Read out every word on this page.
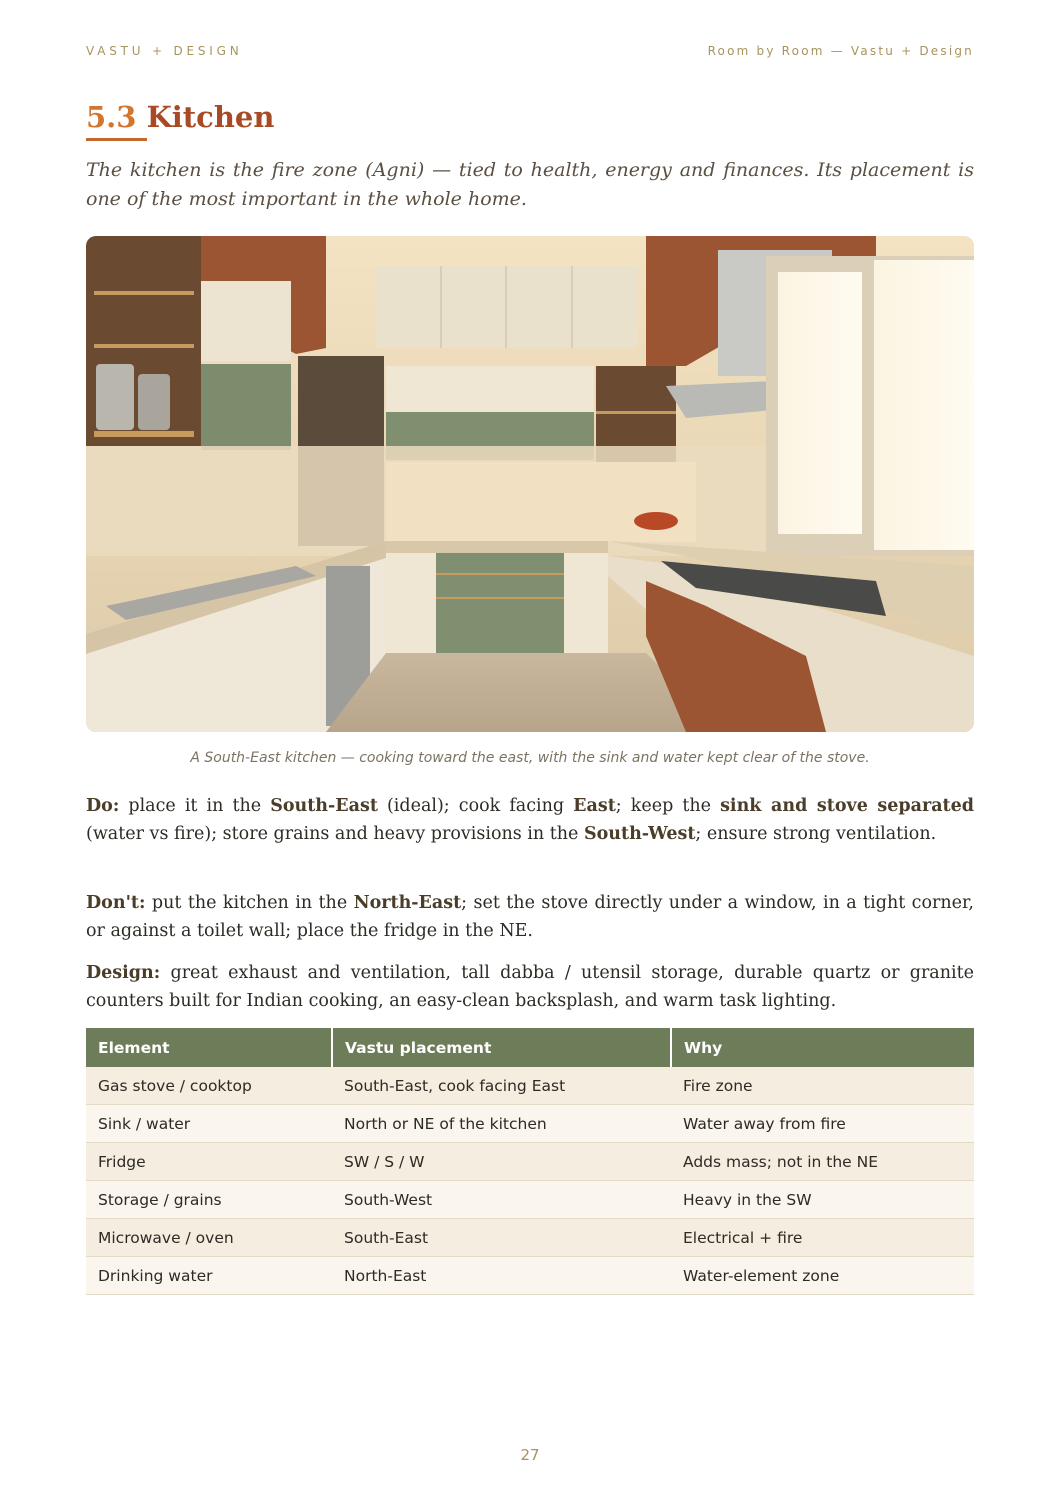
VASTU + DESIGN	Room by Room — Vastu + Design
5.3 Kitchen

The kitchen is the fire zone (Agni) — tied to health, energy and finances. Its placement is one of the most important in the whole home.

A South-East kitchen — cooking toward the east, with the sink and water kept clear of the stove.

Do: place it in the South-East (ideal); cook facing East; keep the sink and stove separated (water vs fire); store grains and heavy provisions in the South-West; ensure strong ventilation.

Don't: put the kitchen in the North-East; set the stove directly under a window, in a tight corner, or against a toilet wall; place the fridge in the NE.

Design: great exhaust and ventilation, tall dabba / utensil storage, durable quartz or granite counters built for Indian cooking, an easy-clean backsplash, and warm task lighting.

Element	Vastu placement	Why
Gas stove / cooktop	South-East, cook facing East	Fire zone
Sink / water	North or NE of the kitchen	Water away from fire
Fridge	SW / S / W	Adds mass; not in the NE
Storage / grains	South-West	Heavy in the SW
Microwave / oven	South-East	Electrical + fire
Drinking water	North-East	Water-element zone
27
